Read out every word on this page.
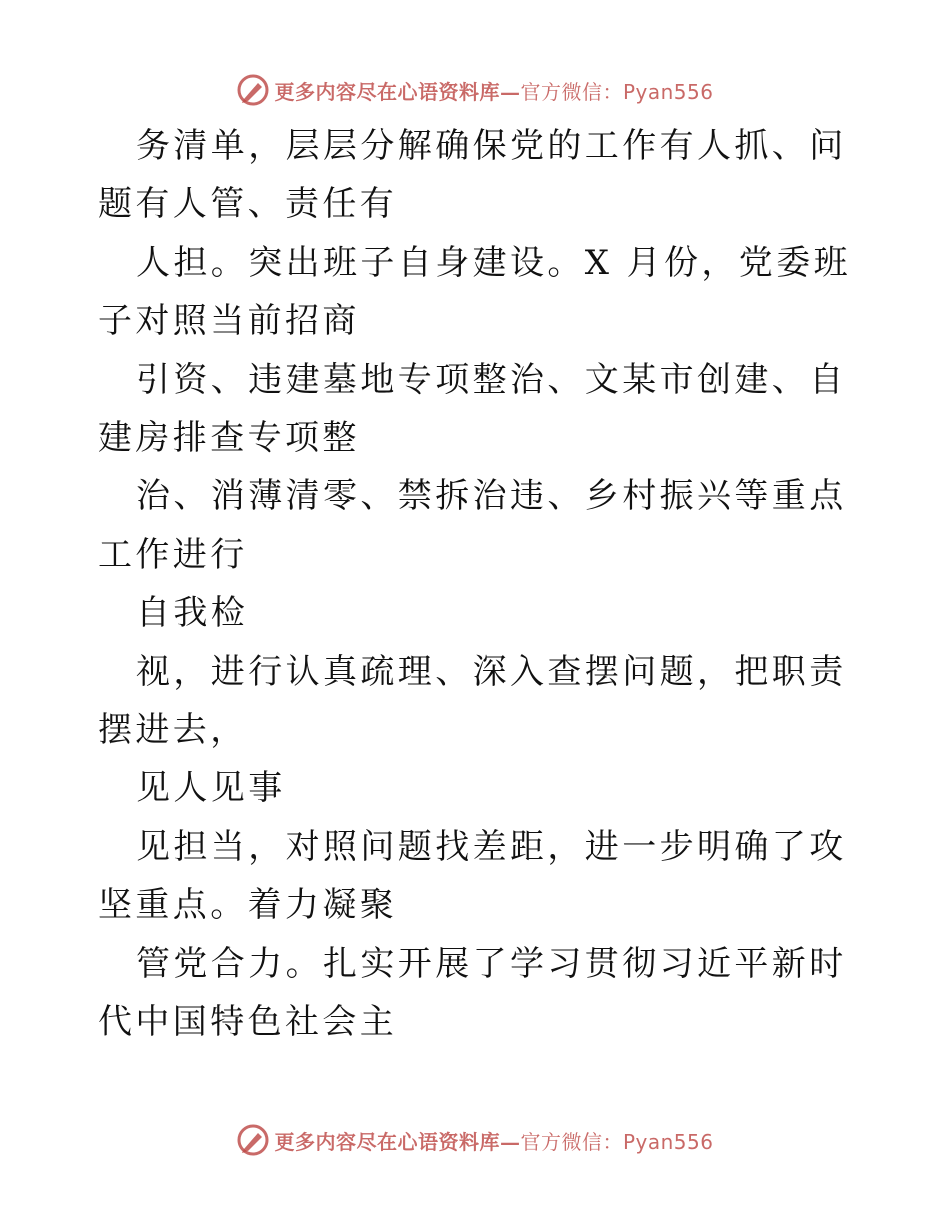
更多内容尽在心语资料库—官方微信：Pyan556

务清单，层层分解确保党的工作有人抓、问题有人管、责任有

人担。突出班子自身建设。X 月份，党委班子对照当前招商

引资、违建墓地专项整治、文某市创建、自建房排查专项整

治、消薄清零、禁拆治违、乡村振兴等重点工作进行

自我检

视，进行认真疏理、深入查摆问题，把职责摆进去，

见人见事

见担当，对照问题找差距，进一步明确了攻坚重点。着力凝聚

管党合力。扎实开展了学习贯彻习近平新时代中国特色社会主

更多内容尽在心语资料库—官方微信：Pyan556
